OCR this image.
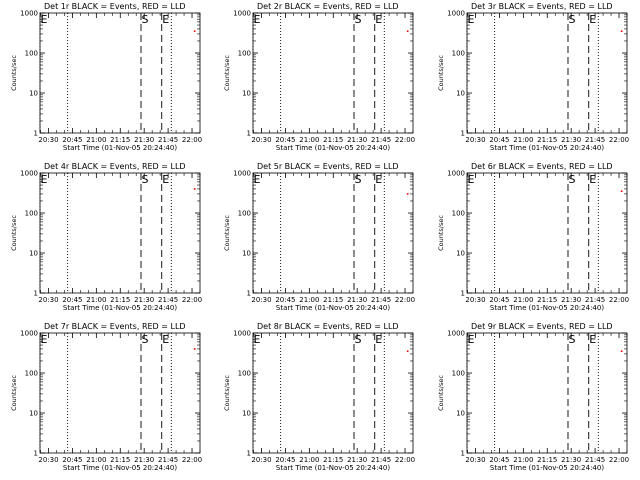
Det 1r BLACK = Events, RED = LLD
1
10
100
1000
20:30 20:45 21:00 21:15 21:30 21:45 22:00
Start Time (01-Nov-05 20:24:40)
Counts/sec
E	S E
Det 2r BLACK = Events, RED = LLD
1
10
100
1000
20:30 20:45 21:00 21:15 21:30 21:45 22:00
Start Time (01-Nov-05 20:24:40)
Counts/sec
E	S E
Det 3r BLACK = Events, RED = LLD
1
10
100
1000
20:30 20:45 21:00 21:15 21:30 21:45 22:00
Start Time (01-Nov-05 20:24:40)
Counts/sec
E	S E
Det 4r BLACK = Events, RED = LLD
1
10
100
1000
20:30 20:45 21:00 21:15 21:30 21:45 22:00
Start Time (01-Nov-05 20:24:40)
Counts/sec
E	S E
Det 5r BLACK = Events, RED = LLD
1
10
100
1000
20:30 20:45 21:00 21:15 21:30 21:45 22:00
Start Time (01-Nov-05 20:24:40)
Counts/sec
E	S E
Det 6r BLACK = Events, RED = LLD
1
10
100
1000
20:30 20:45 21:00 21:15 21:30 21:45 22:00
Start Time (01-Nov-05 20:24:40)
Counts/sec
E	S E
Det 7r BLACK = Events, RED = LLD
1
10
100
1000
20:30 20:45 21:00 21:15 21:30 21:45 22:00
Start Time (01-Nov-05 20:24:40)
Counts/sec
E	S E
Det 8r BLACK = Events, RED = LLD
1
10
100
1000
20:30 20:45 21:00 21:15 21:30 21:45 22:00
Start Time (01-Nov-05 20:24:40)
Counts/sec
E	S E
Det 9r BLACK = Events, RED = LLD
1
10
100
1000
20:30 20:45 21:00 21:15 21:30 21:45 22:00
Start Time (01-Nov-05 20:24:40)
Counts/sec
E	S E
